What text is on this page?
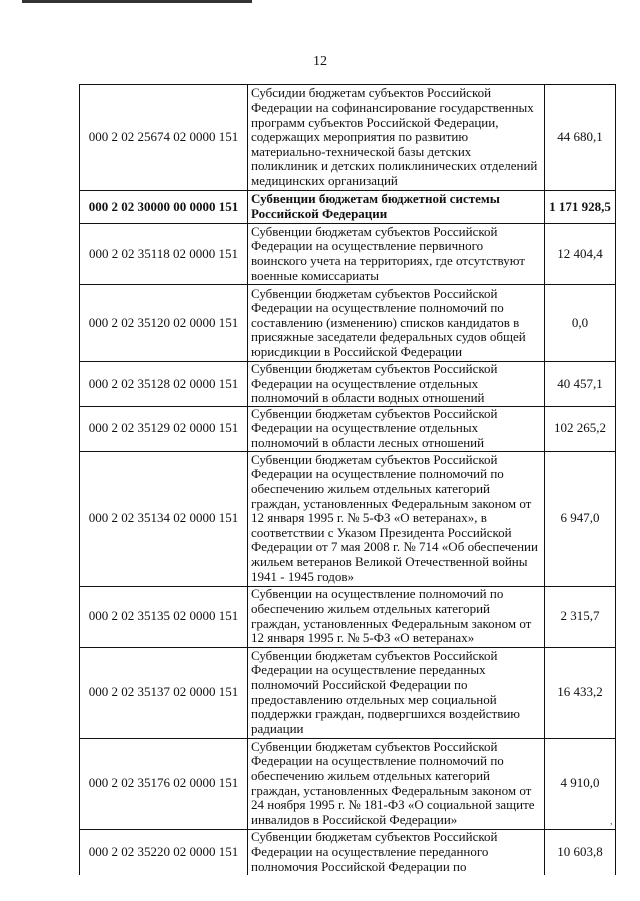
12
000 2 02 25674 02 0000 151	Субсидии бюджетам субъектов Российской Федерации на софинансирование государственных программ субъектов Российской Федерации, содержащих мероприятия по развитию материально-технической базы детских поликлиник и детских поликлинических отделений медицинских организаций	44 680,1
000 2 02 30000 00 0000 151	Субвенции бюджетам бюджетной системы Российской Федерации	1 171 928,5
000 2 02 35118 02 0000 151	Субвенции бюджетам субъектов Российской Федерации на осуществление первичного воинского учета на территориях, где отсутствуют военные комиссариаты	12 404,4
000 2 02 35120 02 0000 151	Субвенции бюджетам субъектов Российской Федерации на осуществление полномочий по составлению (изменению) списков кандидатов в присяжные заседатели федеральных судов общей юрисдикции в Российской Федерации	0,0
000 2 02 35128 02 0000 151	Субвенции бюджетам субъектов Российской Федерации на осуществление отдельных полномочий в области водных отношений	40 457,1
000 2 02 35129 02 0000 151	Субвенции бюджетам субъектов Российской Федерации на осуществление отдельных полномочий в области лесных отношений	102 265,2
000 2 02 35134 02 0000 151	Субвенции бюджетам субъектов Российской Федерации на осуществление полномочий по обеспечению жильем отдельных категорий граждан, установленных Федеральным законом от 12 января 1995 г. № 5-ФЗ «О ветеранах», в соответствии с Указом Президента Российской Федерации от 7 мая 2008 г. № 714 «Об обеспечении жильем ветеранов Великой Отечественной войны 1941 - 1945 годов»	6 947,0
000 2 02 35135 02 0000 151	Субвенции на осуществление полномочий по обеспечению жильем отдельных категорий граждан, установленных Федеральным законом от 12 января 1995 г. № 5-ФЗ «О ветеранах»	2 315,7
000 2 02 35137 02 0000 151	Субвенции бюджетам субъектов Российской Федерации на осуществление переданных полномочий Российской Федерации по предоставлению отдельных мер социальной поддержки граждан, подвергшихся воздействию радиации	16 433,2
000 2 02 35176 02 0000 151	Субвенции бюджетам субъектов Российской Федерации на осуществление полномочий по обеспечению жильем отдельных категорий граждан, установленных Федеральным законом от 24 ноября 1995 г. № 181-ФЗ «О социальной защите инвалидов в Российской Федерации»	4 910,0
000 2 02 35220 02 0000 151	Субвенции бюджетам субъектов Российской Федерации на осуществление переданного полномочия Российской Федерации по	10 603,8
,
